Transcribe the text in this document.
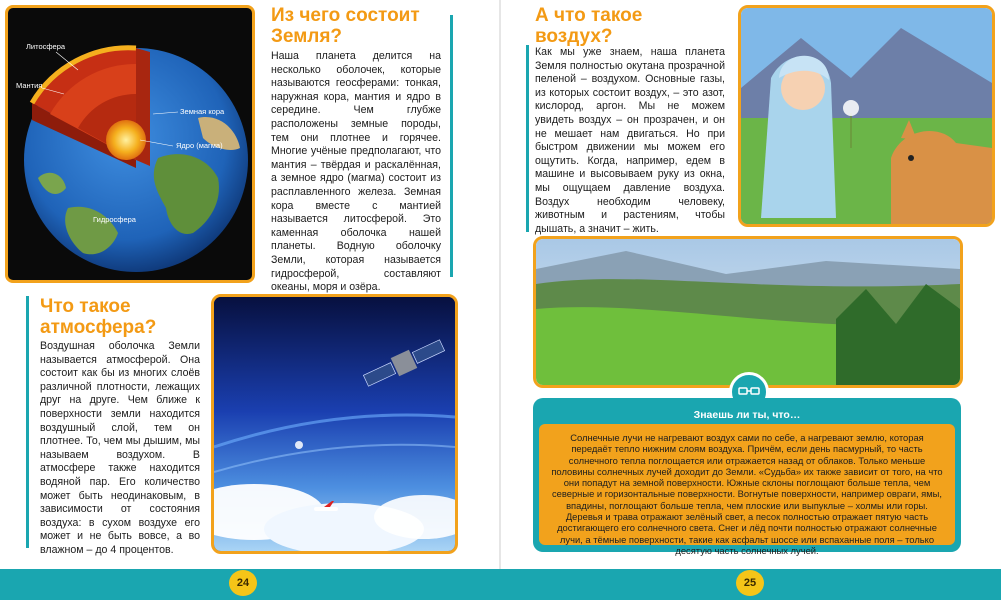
Литосфера
Мантия
Земная кора
Ядро (магма)
Гидросфера
Из чего состоит
Земля?

Наша планета делится на несколько оболочек, которые называются геосферами: тонкая, наружная кора, мантия и ядро в середине. Чем глубже расположены земные породы, тем они плотнее и горячее. Многие учёные предполагают, что мантия – твёрдая и раскалённая, а земное ядро (магма) состоит из расплавленного железа. Земная кора вместе с мантией называется литосферой. Это каменная оболочка нашей планеты. Водную оболочку Земли, которая называется гидросферой, составляют океаны, моря и озёра.

Что такое
атмосфера?

Воздушная оболочка Земли называется атмосферой. Она состоит как бы из многих слоёв различной плотности, лежащих друг на друге. Чем ближе к поверхности земли находится воздушный слой, тем он плотнее. То, чем мы дышим, мы называем воздухом. В атмосфере также находится водяной пар. Его количество может быть неодинаковым, в зависимости от состояния воздуха: в сухом воздухе его может и не быть вовсе, а во влажном – до 4 процентов.

А что такое
воздух?

Как мы уже знаем, наша планета Земля полностью окутана прозрачной пеленой – воздухом. Основные газы, из которых состоит воздух, – это азот, кислород, аргон. Мы не можем увидеть воздух – он прозрачен, и он не мешает нам двигаться. Но при быстром движении мы можем его ощутить. Когда, например, едем в машине и высовываем руку из окна, мы ощущаем давление воздуха. Воздух необходим человеку, животным и растениям, чтобы дышать, а значит – жить.

Знаешь ли ты, что…

Солнечные лучи не нагревают воздух сами по себе, а нагревают землю, которая передаёт тепло нижним слоям воздуха. Причём, если день пасмурный, то часть солнечного тепла поглощается или отражается назад от облаков. Только меньше половины солнечных лучей доходит до Земли. «Судьба» их также зависит от того, на что они попадут на земной поверхности. Южные склоны поглощают больше тепла, чем северные и горизонтальные поверхности. Вогнутые поверхности, например овраги, ямы, впадины, поглощают больше тепла, чем плоские или выпуклые – холмы или горы. Деревья и трава отражают зелёный свет, а песок полностью отражает пятую часть достигающего его солнечного света. Снег и лёд почти полностью отражают солнечные лучи, а тёмные поверхности, такие как асфальт шоссе или вспаханные поля – только десятую часть солнечных лучей.

24	25
